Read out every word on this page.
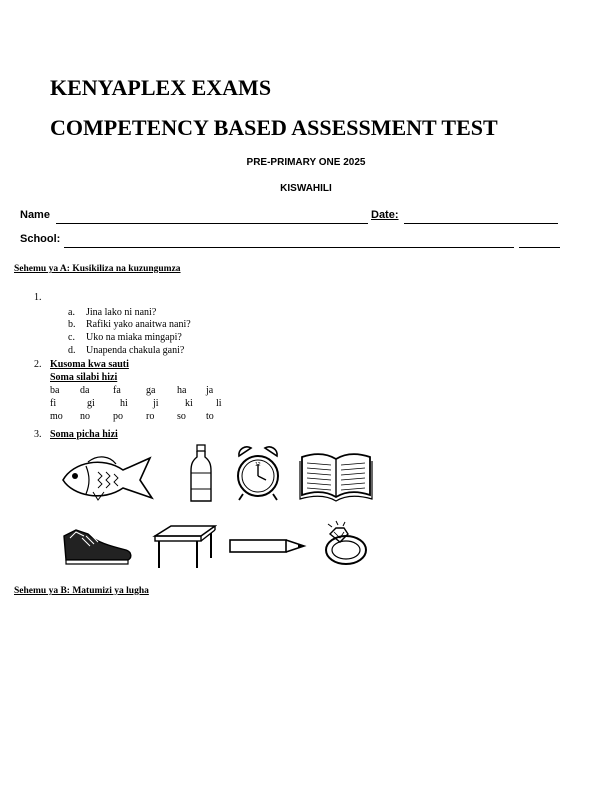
KENYAPLEX EXAMS
COMPETENCY BASED ASSESSMENT TEST
PRE-PRIMARY ONE 2025
KISWAHILI
Name	Date:
School:
Sehemu ya A: Kusikiliza na kuzungumza
1.
a. Jina lako ni nani?
b. Rafiki yako anaitwa nani?
c. Uko na miaka mingapi?
d. Unapenda chakula gani?
2. Kusoma kwa sauti
Soma silabi hizi
ba da fa	ga ha ja
fi	gi	hi	ji	ki li
mo no po ro so to
3. Soma picha hizi
12
Sehemu ya B: Matumizi ya lugha
